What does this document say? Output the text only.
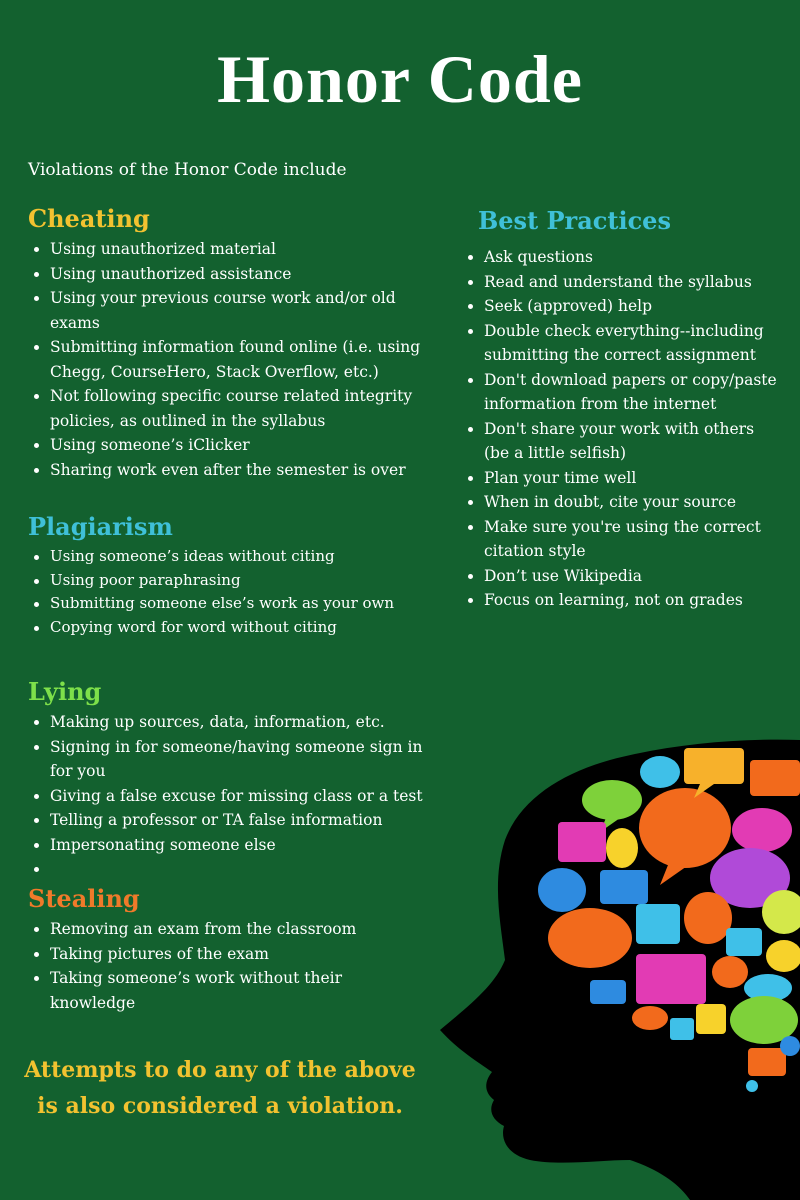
Honor Code
Violations of the Honor Code include
Cheating
Using unauthorized material
Using unauthorized assistance
Using your previous course work and/or old exams
Submitting information found online (i.e. using Chegg, CourseHero, Stack Overflow, etc.)
Not following specific course related integrity policies, as outlined in the syllabus
Using someone’s iClicker
Sharing work even after the semester is over
Plagiarism
Using someone’s ideas without citing
Using poor paraphrasing
Submitting someone else’s work as your own
Copying word for word without citing
Lying
Making up sources, data, information, etc.
Signing in for someone/having someone sign in for you
Giving a false excuse for missing class or a test
Telling a professor or TA false information
Impersonating someone else
Stealing
Removing an exam from the classroom
Taking pictures of the exam
Taking someone’s work without their knowledge
Best Practices
Ask questions
Read and understand the syllabus
Seek (approved) help
Double check everything--including submitting the correct assignment
Don't download papers or copy/paste information from the internet
Don't share your work with others  (be a little selfish)
Plan your time well
When in doubt, cite your source
Make sure you're using the correct citation style
Don’t use Wikipedia
Focus on learning, not on grades
Attempts to do any of the above
is also considered a violation.
